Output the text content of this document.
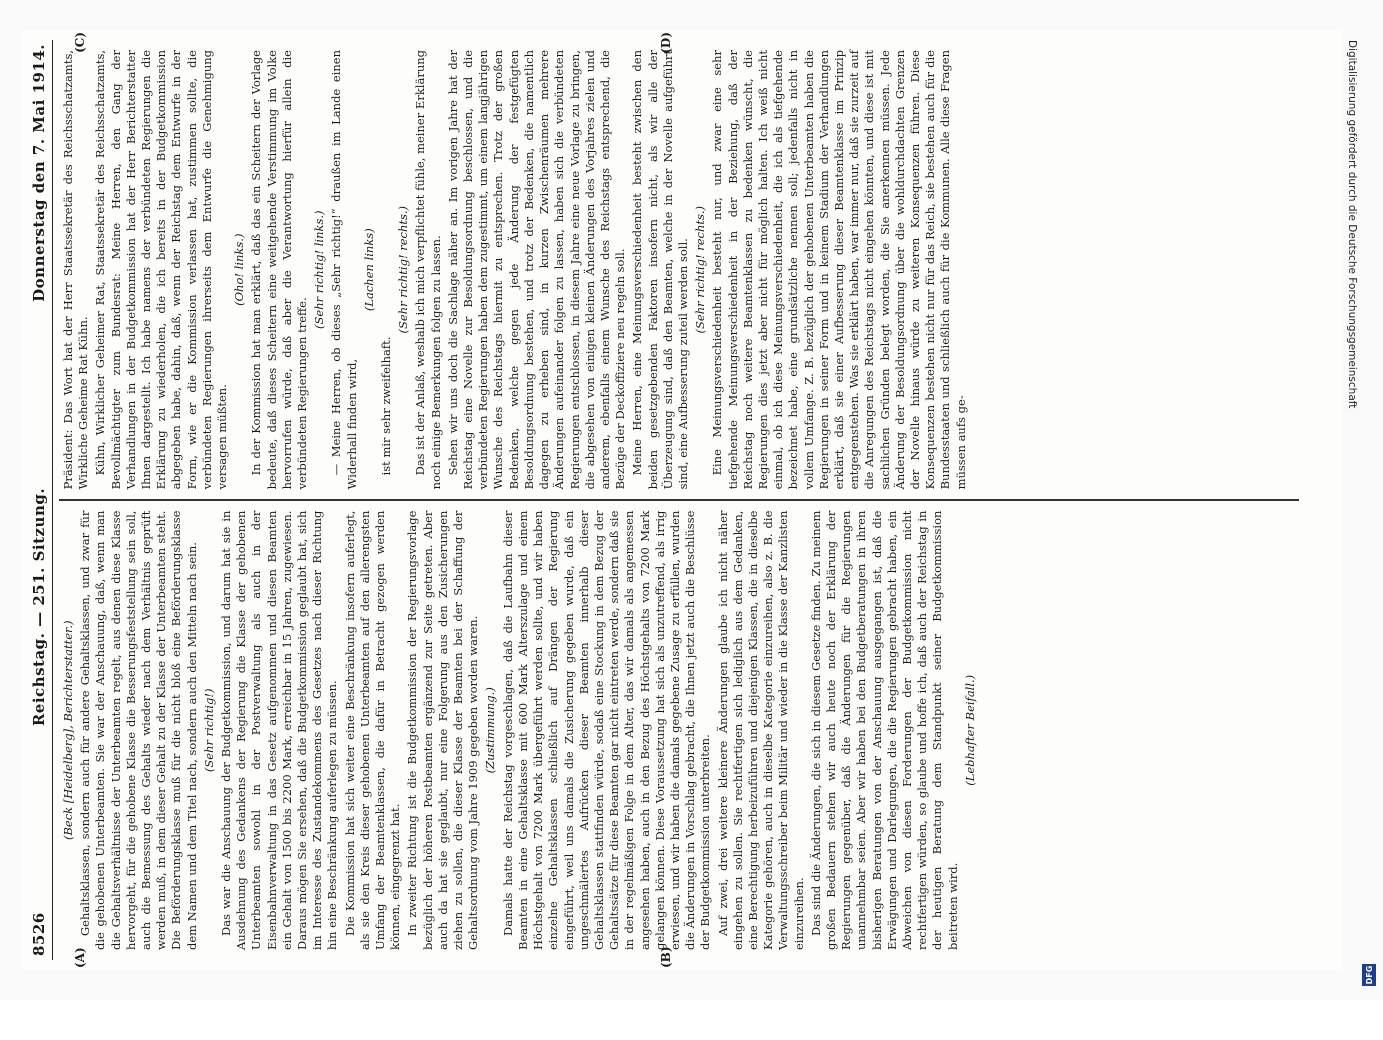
8526
Reichstag. — 251. Sitzung.
Donnerstag den 7. Mai 1914.

(Beck [Heidelberg], Berichterstatter.) Gehaltsklassen, sondern auch für andere Gehaltsklassen, und zwar für die gehobenen Unterbeamten. Sie war der Anschauung, daß, wenn man die Gehaltsverhältnisse der Unterbeamten regelt, aus denen diese Klasse hervorgeht, für die gehobene Klasse die Besserungsfeststellung sein soll, auch die Bemessung des Gehalts wieder nach dem Verhältnis geprüft werden muß, in dem dieser Gehalt zu der Klasse der Unterbeamten steht. Die Beförderungsklasse muß für die nicht bloß eine Beförderungsklasse dem Namen und dem Titel nach, sondern auch den Mitteln nach sein. (Sehr richtig!) Das war die Anschauung der Budgetkommission, und darum hat sie in Ausdehnung des Gedankens der Regierung die Klasse der gehobenen Unterbeamten sowohl in der Postverwaltung als auch in der Eisenbahnverwaltung in das Gesetz aufgenommen und diesen Beamten ein Gehalt von 1500 bis 2200 Mark, erreichbar in 15 Jahren, zugewiesen. Daraus mögen Sie ersehen, daß die Budgetkommission geglaubt hat, sich im Interesse des Zustandekommens des Gesetzes nach dieser Richtung hin eine Beschränkung auferlegen zu müssen. Die Kommission hat sich weiter eine Beschränkung insofern auferlegt, als sie den Kreis dieser gehobenen Unterbeamten auf den allerengsten Umfang der Beamtenklassen, die dafür in Betracht gezogen werden können, eingegrenzt hat. In zweiter Richtung ist die Budgetkommission der Regierungsvorlage bezüglich der höheren Postbeamten ergänzend zur Seite getreten. Aber auch da hat sie geglaubt, nur eine Folgerung aus den Zusicherungen ziehen zu sollen, die dieser Klasse der Beamten bei der Schaffung der Gehaltsordnung vom Jahre 1909 gegeben worden waren. (Zustimmung.) Damals hatte der Reichstag vorgeschlagen, daß die Laufbahn dieser Beamten in eine Gehaltsklasse mit 600 Mark Alterszulage und einem Höchstgehalt von 7200 Mark übergeführt werden sollte, und wir haben einzelne Gehaltsklassen schließlich auf Drängen der Regierung eingeführt, weil uns damals die Zusicherung gegeben wurde, daß ein ungeschmälertes Aufrücken dieser Beamten innerhalb dieser Gehaltsklassen stattfinden würde, sodaß eine Stockung in dem Bezug der Gehaltssätze für diese Beamten gar nicht eintreten werde, sondern daß sie in der regelmäßigen Folge in dem Alter, das wir damals als angemessen angesehen haben, auch in den Bezug des Höchstgehalts von 7200 Mark gelangen können. Diese Voraussetzung hat sich als unzutreffend, als irrig erwiesen, und wir haben die damals gegebene Zusage zu erfüllen, wurden die Änderungen in Vorschlag gebracht, die Ihnen jetzt auch die Beschlüsse der Budgetkommission unterbreiten. Auf zwei, drei weitere kleinere Änderungen glaube ich nicht näher eingehen zu sollen. Sie rechtfertigen sich lediglich aus dem Gedanken, eine Berechtigung herbeizuführen und diejenigen Klassen, die in dieselbe Kategorie gehören, auch in dieselbe Kategorie einzureihen, also z. B. die Verwaltungsschreiber beim Militär und wieder in die Klasse der Kanzlisten einzureihen. Das sind die Änderungen, die sich in diesem Gesetze finden. Zu meinem großen Bedauern stehen wir auch heute noch der Erklärung der Regierungen gegenüber, daß die Änderungen für die Regierungen unannehmbar seien. Aber wir haben bei den Budgetberatungen in ihren bisherigen Beratungen von der Anschauung ausgegangen ist, daß die Erwägungen und Darlegungen, die die Regierungen gebracht haben, ein Abweichen von diesen Forderungen der Budgetkommission nicht rechtfertigen würden, so glaube und hoffe ich, daß auch der Reichstag in der heutigen Beratung dem Standpunkt seiner Budgetkommission beitreten wird.

(Lebhafter Beifall.)

Präsident: Das Wort hat der Herr Staatssekretär des Reichsschatzamts, Wirkliche Geheime Rat Kühn. Kühn, Wirklicher Geheimer Rat, Staatssekretär des Reichsschatzamts, Bevollmächtigter zum Bundesrat: Meine Herren, den Gang der Verhandlungen in der Budgetkommission hat der Herr Berichterstatter Ihnen dargestellt. Ich habe namens der verbündeten Regierungen die Erklärung zu wiederholen, die ich bereits in der Budgetkommission abgegeben habe, dahin, daß, wenn der Reichstag dem Entwurfe in der Form, wie er die Kommission verlassen hat, zustimmen sollte, die verbündeten Regierungen ihrerseits dem Entwurfe die Genehmigung versagen müßten.

(Oho! links.) In der Kommission hat man erklärt, daß das ein Scheitern der Vorlage bedeute, daß dieses Scheitern eine weitgehende Verstimmung im Volke hervorrufen würde, daß aber die Verantwortung hierfür allein die verbündeten Regierungen treffe.

(Sehr richtig! links.) — Meine Herren, ob dieses „Sehr richtig!“ draußen im Lande einen Widerhall finden wird,

(Lachen links)

ist mir sehr zweifelhaft.

(Sehr richtig! rechts.) Das ist der Anlaß, weshalb ich mich verpflichtet fühle, meiner Erklärung noch einige Bemerkungen folgen zu lassen. Sehen wir uns doch die Sachlage näher an. Im vorigen Jahre hat der Reichstag eine Novelle zur Besoldungsordnung beschlossen, und die verbündeten Regierungen haben dem zugestimmt, um einem langjährigen Wunsche des Reichstags hiermit zu entsprechen. Trotz der großen Bedenken, welche gegen jede Änderung der festgefügten Besoldungsordnung bestehen, und trotz der Bedenken, die namentlich dagegen zu erheben sind, in kurzen Zwischenräumen mehrere Änderungen aufeinander folgen zu lassen, haben sich die verbündeten Regierungen entschlossen, in diesem Jahre eine neue Vorlage zu bringen, die abgesehen von einigen kleinen Änderungen des Vorjahres zielen und anderem, ebenfalls einem Wunsche des Reichstags entsprechend, die Bezüge der Deckoffiziere neu regeln soll. Meine Herren, eine Meinungsverschiedenheit besteht zwischen den beiden gesetzgebenden Faktoren insofern nicht, als wir alle der Überzeugung sind, daß den Beamten, welche in der Novelle aufgeführt sind, eine Aufbesserung zuteil werden soll. (Sehr richtig! rechts.) Eine Meinungsverschiedenheit besteht nur, und zwar eine sehr tiefgehende Meinungsverschiedenheit in der Beziehung, daß der Reichstag noch weitere Beamtenklassen zu bedenken wünscht, die Regierungen dies jetzt aber nicht für möglich halten. Ich weiß nicht einmal, ob ich diese Meinungsverschiedenheit, die ich als tiefgehende bezeichnet habe, eine grundsätzliche nennen soll; jedenfalls nicht in vollem Umfange. Z. B. bezüglich der gehobenen Unterbeamten haben die Regierungen in seiner Form und in keinem Stadium der Verhandlungen erklärt, daß sie einer Aufbesserung dieser Beamtenklasse im Prinzip entgegenstehen. Was sie erklärt haben, war immer nur, daß sie zurzeit auf die Anregungen des Reichstags nicht eingehen könnten, und diese ist mit sachlichen Gründen belegt worden, die Sie anerkennen müssen. Jede Änderung der Besoldungsordnung über die wohldurchdachten Grenzen der Novelle hinaus würde zu weiteren Konsequenzen führen. Diese Konsequenzen bestehen nicht nur für das Reich, sie bestehen auch für die Bundesstaaten und schließlich auch für die Kommunen. Alle diese Fragen müssen aufs ge-

(A)	(B)
(C)	(D)	Digitalisierung gefördert durch die Deutsche Forschungsgemeinschaft
DFG
